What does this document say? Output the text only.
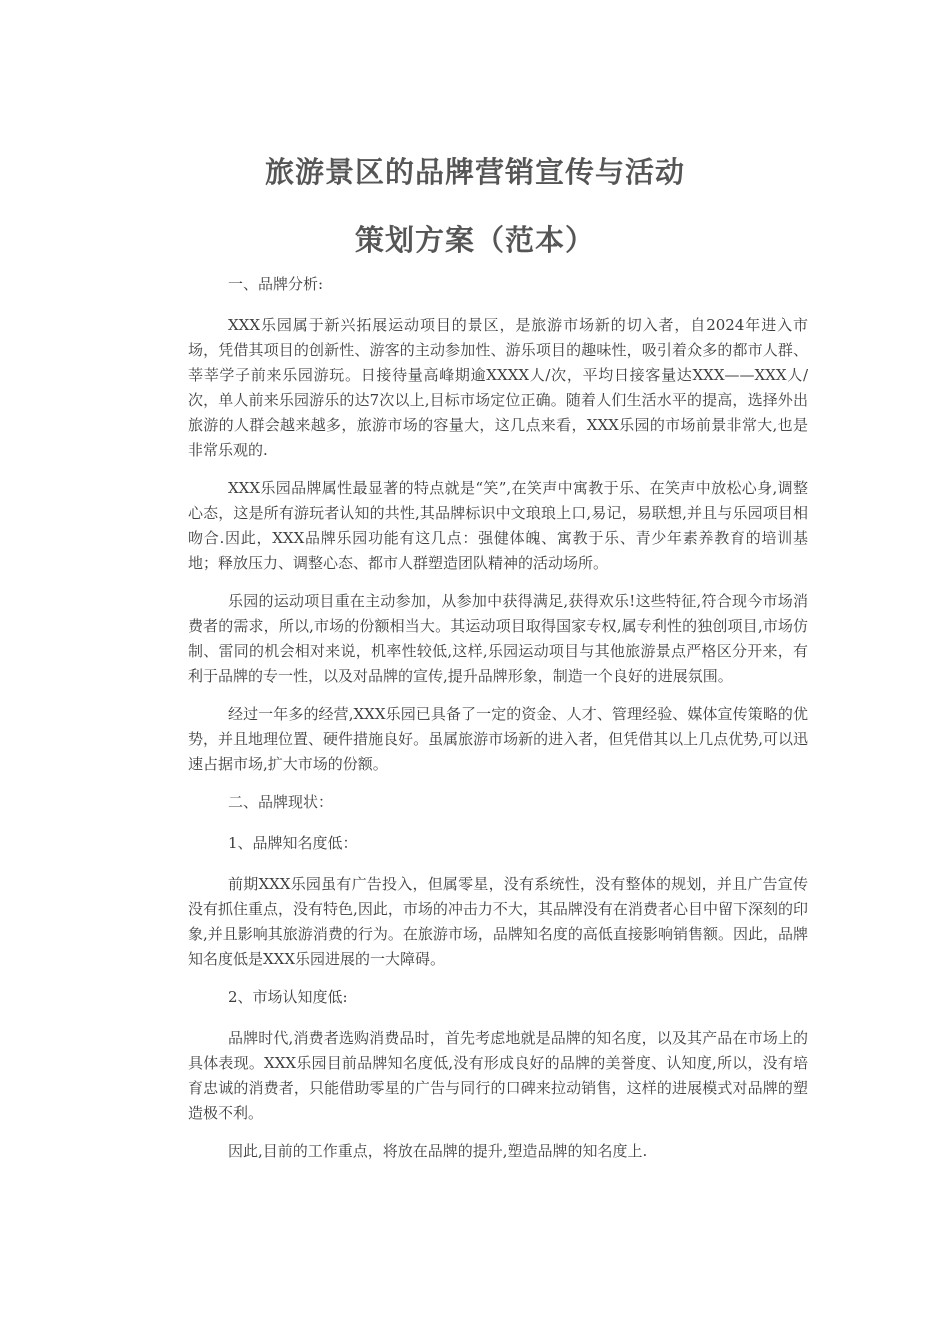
旅游景区的品牌营销宣传与活动
策划方案（范本）

一、品牌分析:

XXX乐园属于新兴拓展运动项目的景区，是旅游市场新的切入者，自2024年进入市场，凭借其项目的创新性、游客的主动参加性、游乐项目的趣味性，吸引着众多的都市人群、莘莘学子前来乐园游玩。日接待量高峰期逾XXXX人/次，平均日接客量达XXX——XXX人/次，单人前来乐园游乐的达7次以上,目标市场定位正确。随着人们生活水平的提高，选择外出旅游的人群会越来越多，旅游市场的容量大，这几点来看，XXX乐园的市场前景非常大,也是非常乐观的.

XXX乐园品牌属性最显著的特点就是“笑”,在笑声中寓教于乐、在笑声中放松心身,调整心态，这是所有游玩者认知的共性,其品牌标识中文琅琅上口,易记，易联想,并且与乐园项目相吻合.因此，XXX品牌乐园功能有这几点：强健体魄、寓教于乐、青少年素养教育的培训基地；释放压力、调整心态、都市人群塑造团队精神的活动场所。

乐园的运动项目重在主动参加，从参加中获得满足,获得欢乐!这些特征,符合现今市场消费者的需求，所以,市场的份额相当大。其运动项目取得国家专权,属专利性的独创项目,市场仿制、雷同的机会相对来说，机率性较低,这样,乐园运动项目与其他旅游景点严格区分开来，有利于品牌的专一性，以及对品牌的宣传,提升品牌形象，制造一个良好的进展氛围。

经过一年多的经营,XXX乐园已具备了一定的资金、人才、管理经验、媒体宣传策略的优势，并且地理位置、硬件措施良好。虽属旅游市场新的进入者，但凭借其以上几点优势,可以迅速占据市场,扩大市场的份额。

二、品牌现状：

1、品牌知名度低：

前期XXX乐园虽有广告投入，但属零星，没有系统性，没有整体的规划，并且广告宣传没有抓住重点，没有特色,因此，市场的冲击力不大，其品牌没有在消费者心目中留下深刻的印象,并且影响其旅游消费的行为。在旅游市场，品牌知名度的高低直接影响销售额。因此，品牌知名度低是XXX乐园进展的一大障碍。

2、市场认知度低:

品牌时代,消费者选购消费品时，首先考虑地就是品牌的知名度，以及其产品在市场上的具体表现。XXX乐园目前品牌知名度低,没有形成良好的品牌的美誉度、认知度,所以，没有培育忠诚的消费者，只能借助零星的广告与同行的口碑来拉动销售，这样的进展模式对品牌的塑造极不利。

因此,目前的工作重点，将放在品牌的提升,塑造品牌的知名度上.
